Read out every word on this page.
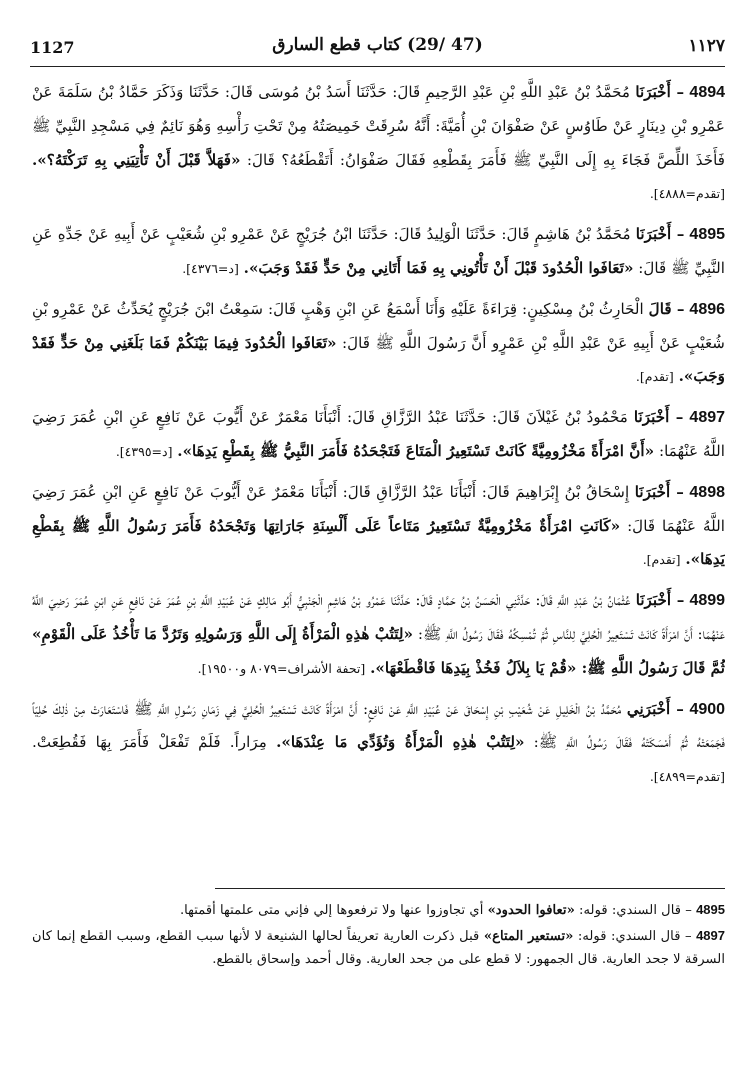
1127	(47 /29) كتاب قطع السارق	١١٢٧

4894 – أَخْبَرَنَا مُحَمَّدُ بْنُ عَبْدِ اللَّهِ بْنِ عَبْدِ الرَّحِيمِ قَالَ: حَدَّثَنَا أَسَدُ بْنُ مُوسَى قَالَ: حَدَّثَنَا وَذَكَرَ حَمَّادُ بْنُ سَلَمَةَ عَنْ عَمْرِو بْنِ دِينَارٍ عَنْ طَاوُسٍ عَنْ صَفْوَانَ بْنِ أُمَيَّةَ: أَنَّهُ سُرِقَتْ خَمِيصَتُهُ مِنْ تَحْتِ رَأْسِهِ وَهُوَ نَائِمٌ فِي مَسْجِدِ النَّبِيِّ ﷺ فَأَخَذَ اللِّصَّ فَجَاءَ بِهِ إِلَى النَّبِيِّ ﷺ فَأَمَرَ بِقَطْعِهِ فَقَالَ صَفْوَانُ: أَتَقْطَعُهُ؟ قَالَ: «فَهَلاَّ قَبْلَ أَنْ تَأْتِيَنِي بِهِ تَرَكْتَهُ؟». [تقدم=٤٨٨٨].

4895 – أَخْبَرَنَا مُحَمَّدُ بْنُ هَاشِمٍ قَالَ: حَدَّثَنَا الْوَلِيدُ قَالَ: حَدَّثَنَا ابْنُ جُرَيْجٍ عَنْ عَمْرِو بْنِ شُعَيْبٍ عَنْ أَبِيهِ عَنْ جَدِّهِ عَنِ النَّبِيِّ ﷺ قَالَ: «تَعَافَوا الْحُدُودَ قَبْلَ أَنْ تَأْتُونِي بِهِ فَمَا أَتَانِي مِنْ حَدٍّ فَقَدْ وَجَبَ». [د=٤٣٧٦].

4896 – قَالَ الْحَارِثُ بْنُ مِسْكِينٍ: قِرَاءَةً عَلَيْهِ وَأَنَا أَسْمَعُ عَنِ ابْنِ وَهْبٍ قَالَ: سَمِعْتُ ابْنَ جُرَيْجٍ يُحَدِّثُ عَنْ عَمْرِو بْنِ شُعَيْبٍ عَنْ أَبِيهِ عَنْ عَبْدِ اللَّهِ بْنِ عَمْرٍو أَنَّ رَسُولَ اللَّهِ ﷺ قَالَ: «تَعَافَوا الْحُدُودَ فِيمَا بَيْنَكُمْ فَمَا بَلَغَنِي مِنْ حَدٍّ فَقَدْ وَجَبَ». [تقدم].

4897 – أَخْبَرَنَا مَحْمُودُ بْنُ غَيْلاَنَ قَالَ: حَدَّثَنَا عَبْدُ الرَّزَّاقِ قَالَ: أَنْبَأَنَا مَعْمَرٌ عَنْ أَيُّوبَ عَنْ نَافِعٍ عَنِ ابْنِ عُمَرَ رَضِيَ اللَّهُ عَنْهُمَا: «أَنَّ امْرَأَةً مَخْزُومِيَّةً كَانَتْ تَسْتَعِيرُ الْمَتَاعَ فَتَجْحَدُهُ فَأَمَرَ النَّبِيُّ ﷺ بِقَطْعِ يَدِهَا». [د=٤٣٩٥].

4898 – أَخْبَرَنَا إِسْحَاقُ بْنُ إِبْرَاهِيمَ قَالَ: أَنْبَأَنَا عَبْدُ الرَّزَّاقِ قَالَ: أَنْبَأَنَا مَعْمَرٌ عَنْ أَيُّوبَ عَنْ نَافِعٍ عَنِ ابْنِ عُمَرَ رَضِيَ اللَّهُ عَنْهُمَا قَالَ: «كَانَتِ امْرَأَةٌ مَخْزُومِيَّةٌ تَسْتَعِيرُ مَتَاعاً عَلَى أَلْسِنَةِ جَارَاتِهَا وَتَجْحَدُهُ فَأَمَرَ رَسُولُ اللَّهِ ﷺ بِقَطْعِ يَدِهَا». [تقدم].

4899 – أَخْبَرَنَا عُثْمَانُ بْنُ عَبْدِ اللَّهِ قَالَ: حَدَّثَنِي الْحَسَنُ بْنُ حَمَّادٍ قَالَ: حَدَّثَنَا عَمْرُو بْنُ هَاشِمٍ الْجَنْبِيُّ أَبُو مَالِكٍ عَنْ عُبَيْدِ اللَّهِ بْنِ عُمَرَ عَنْ نَافِعٍ عَنِ ابْنِ عُمَرَ رَضِيَ اللَّهُ عَنْهُمَا: أَنَّ امْرَأَةً كَانَتْ تَسْتَعِيرُ الْحُلِيَّ لِلنَّاسِ ثُمَّ تُمْسِكُهُ فَقَالَ رَسُولُ اللَّهِ ﷺ: «لِتَتُبْ هٰذِهِ الْمَرْأَةُ إِلَى اللَّهِ وَرَسُولِهِ وَتَرُدَّ مَا تَأْخُذُ عَلَى الْقَوْمِ» ثُمَّ قَالَ رَسُولُ اللَّهِ ﷺ: «قُمْ يَا بِلاَلُ فَخُذْ بِيَدِهَا فَاقْطَعْهَا». [تحفة الأشراف=٨٠٧٩ و١٩٥٠٠].

4900 – أَخْبَرَنِي مُحَمَّدُ بْنُ الْخَلِيلِ عَنْ شُعَيْبِ بْنِ إِسْحَاقَ عَنْ عُبَيْدِ اللَّهِ عَنْ نَافِعٍ: أَنَّ امْرَأَةً كَانَتْ تَسْتَعِيرُ الْحُلِيَّ فِي زَمَانِ رَسُولِ اللَّهِ ﷺ فَاسْتَعَارَتْ مِنْ ذٰلِكَ حُلِيّاً فَجَمَعَتْهُ ثُمَّ أَمْسَكَتْهُ فَقَالَ رَسُولُ اللَّهِ ﷺ: «لِتَتُبْ هٰذِهِ الْمَرْأَةُ وَتُؤَدِّي مَا عِنْدَهَا». مِرَاراً. فَلَمْ تَفْعَلْ فَأَمَرَ بِهَا فَقُطِعَتْ. [تقدم=٤٨٩٩].

4895 – قال السندي: قوله: «تعافوا الحدود» أي تجاوزوا عنها ولا ترفعوها إلي فإني متى علمتها أقمتها.

4897 – قال السندي: قوله: «تستعير المتاع» قبل ذكرت العارية تعريفاً لحالها الشنيعة لا لأنها سبب القطع، وسبب القطع إنما كان السرقة لا جحد العارية. قال الجمهور: لا قطع على من جحد العارية. وقال أحمد وإسحاق بالقطع.
